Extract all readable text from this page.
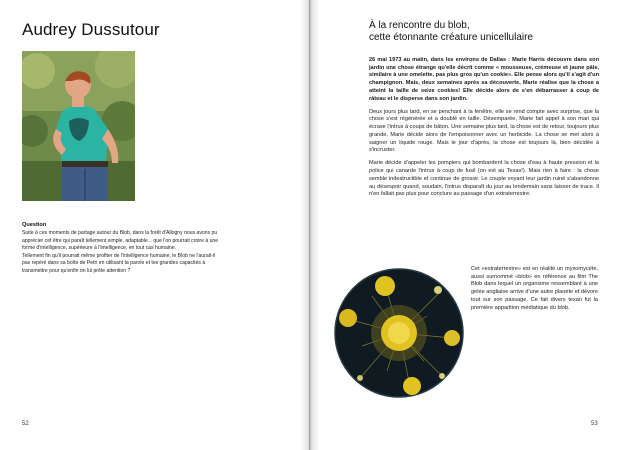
Audrey Dussutour
Question

Suite à ces moments de partage autour du Blob, dans la forêt d'Allogny nous avons pu apprécier cet être qui paraît tellement simple, adaptable... que l'on pourrait croire à une forme d'intelligence, supérieure à l'intelligence, en tout cas humaine.

Tellement fin qu'il pourrait même profiter de l'intelligence humaine, le Blob ne l'aurait-il pas repéré dans sa boîte de Petri en utilisant ta parole et tes grandes capacités à transmettre pour qu'enfin on lui prête attention ?

52
À la rencontre du blob,
cette étonnante créature unicellulaire

26 mai 1973 au matin, dans les environs de Dallas : Marie Harris découvre dans son jardin une chose étrange qu'elle décrit comme « mousseuse, crémeuse et jaune pâle, similaire à une omelette, pas plus gros qu'un cookie». Elle pense alors qu'il s'agit d'un champignon. Mais, deux semaines après sa découverte, Marie réalise que la chose a atteint la taille de seize cookies! Elle décide alors de s'en débarrasser à coup de râteau et le disperse dans son jardin.

Deux jours plus tard, en se penchant à la fenêtre, elle se rend compte avec surprise, que la chose s'est régénérée et a doublé en taille. Désemparée, Marie fait appel à son mari qui écrase l'intrus à coups de bâton. Une semaine plus tard, la chose est de retour, toujours plus grande. Marie décide alors de l'empoisonner avec un herbicide. La chose se met alors à saigner un liquide rouge. Mais le jour d'après, la chose est toujours là, bien décidée à s'incruster.

Marie décide d'appeler les pompiers qui bombardent la chose d'eau à haute pression et la police qui canarde l'intrus à coup de fusil (on est au Texas!). Mais rien à faire : la chose semble indestructible et continue de grossir. Le couple voyant leur jardin ruiné s'abandonne au désespoir quand, soudain, l'intrus disparaît du jour au lendemain sans laisser de trace. Il n'en fallait pas plus pour conclure au passage d'un extraterrestre.

Cet «extraterrestre» est en réalité un myxomycète, aussi surnommé «blob» en référence au film The Blob dans lequel un organisme ressemblant à une gelée angliaise arrive d'une autre planète et dévore tout sur son passage. Ce fait divers texan fut la première apparition médiatique du blob.
53
